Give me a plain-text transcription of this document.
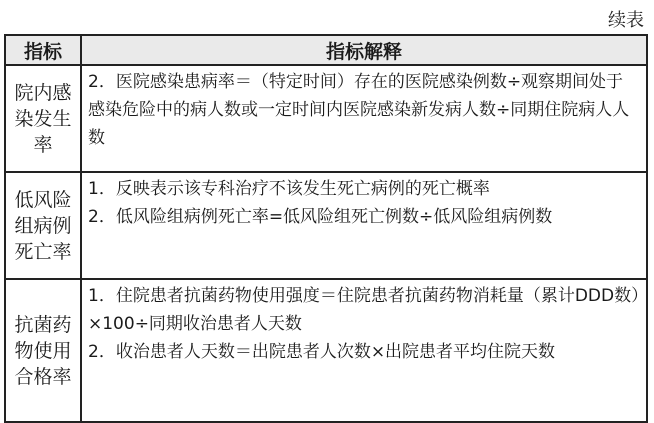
续表
指标	指标解释
院内感染发生率	2．医院感染患病率＝（特定时间）存在的医院感染例数÷观察期间处于感染危险中的病人数或一定时间内医院感染新发病人数÷同期住院病人人数

低风险组病例死亡率	1．反映表示该专科治疗不该发生死亡病例的死亡概率
2．低风险组病例死亡率=低风险组死亡例数÷低风险组病例数

抗菌药物使用合格率	1．住院患者抗菌药物使用强度＝住院患者抗菌药物消耗量（累计DDD数）×100÷同期收治患者人天数
2．收治患者人天数＝出院患者人次数×出院患者平均住院天数
